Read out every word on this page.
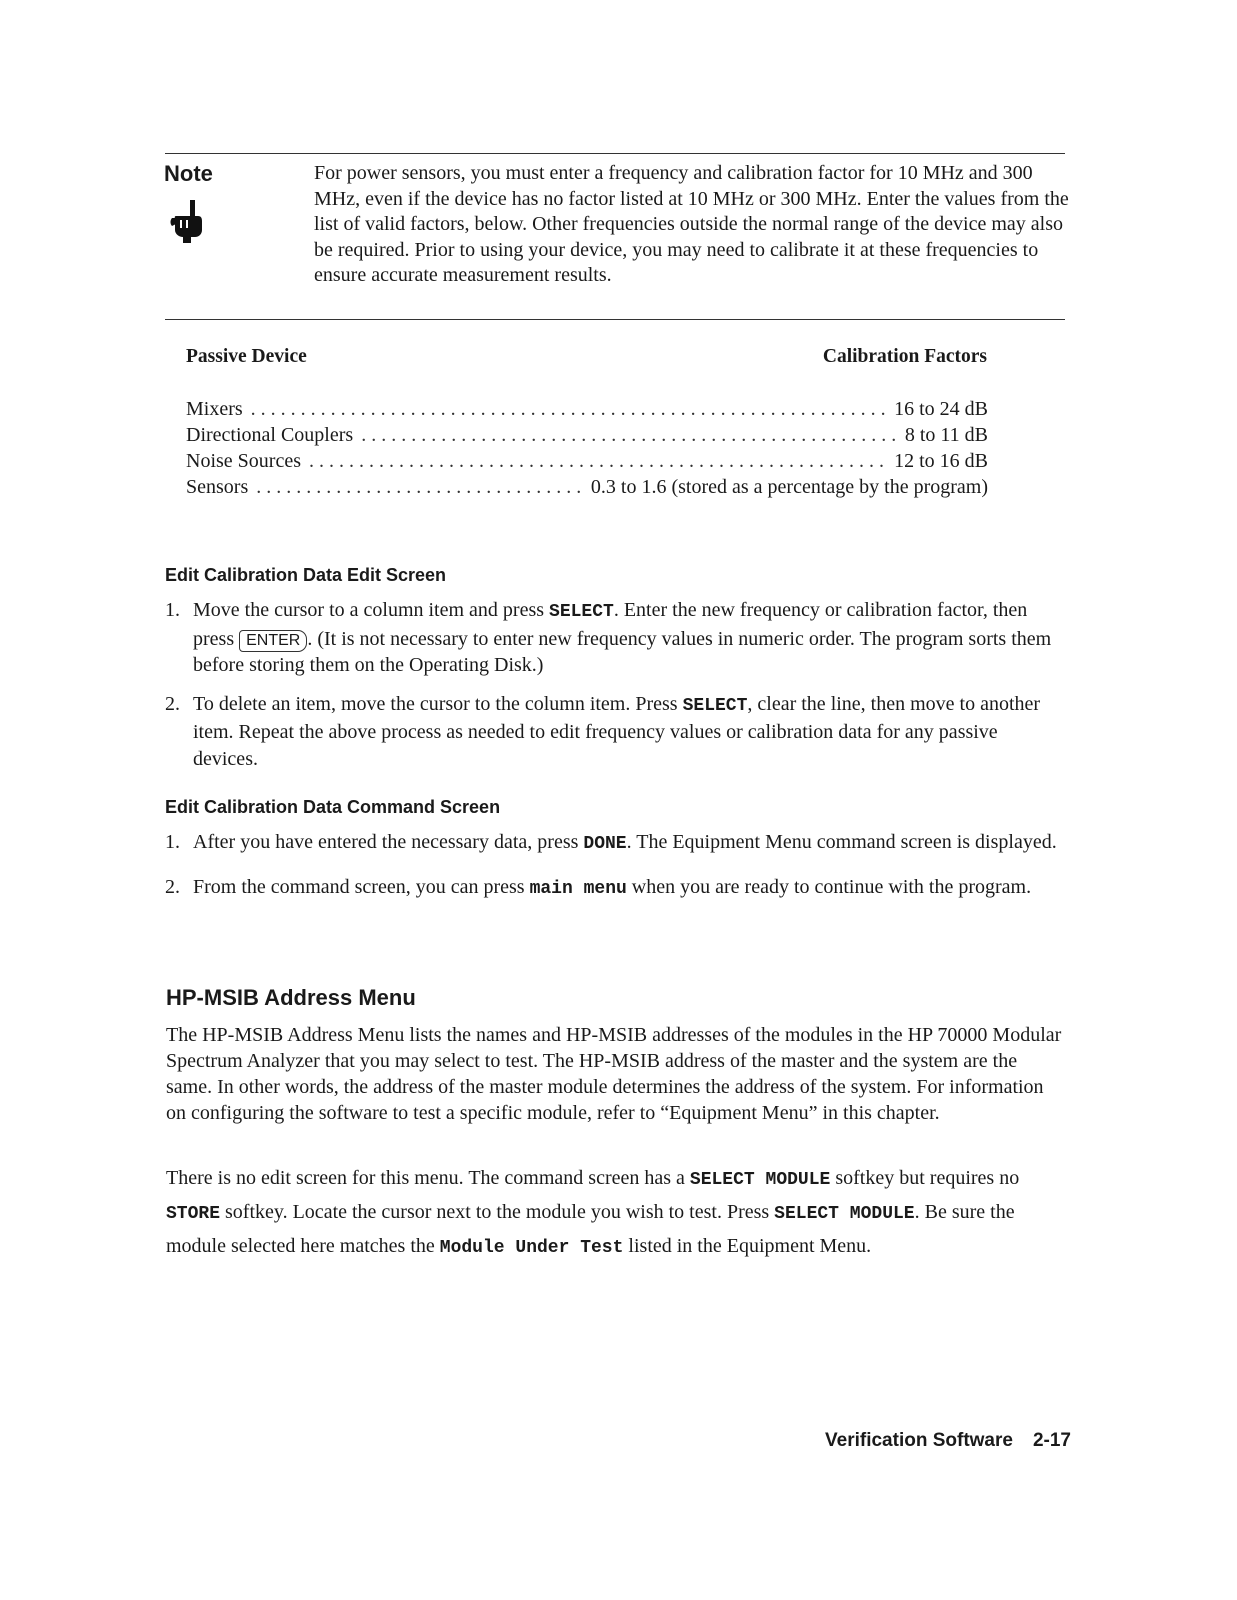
Note	For power sensors, you must enter a frequency and calibration factor for 10 MHz and 300 MHz, even if the device has no factor listed at 10 MHz or 300 MHz. Enter the values from the list of valid factors, below. Other frequencies outside the normal range of the device may also be required. Prior to using your device, you may need to calibrate it at these frequencies to ensure accurate measurement results.
Passive Device	Calibration Factors
Mixers . . .	16 to 24 dB
Directional Couplers . . .	8 to 11 dB
Noise Sources . . .	12 to 16 dB
Sensors . . .	0.3 to 1.6 (stored as a percentage by the program)
Edit Calibration Data Edit Screen
1. Move the cursor to a column item and press SELECT. Enter the new frequency or calibration factor, then press ENTER . (It is not necessary to enter new frequency values in numeric order. The program sorts them before storing them on the Operating Disk.)
2. To delete an item, move the cursor to the column item. Press SELECT, clear the line, then move to another item. Repeat the above process as needed to edit frequency values or calibration data for any passive devices.
Edit Calibration Data Command Screen
1. After you have entered the necessary data, press DONE. The Equipment Menu command screen is displayed.
2. From the command screen, you can press main menu when you are ready to continue with the program.
HP-MSIB Address Menu
The HP-MSIB Address Menu lists the names and HP-MSIB addresses of the modules in the HP 70000 Modular Spectrum Analyzer that you may select to test. The HP-MSIB address of the master and the system are the same. In other words, the address of the master module determines the address of the system. For information on configuring the software to test a specific module, refer to “Equipment Menu” in this chapter.
There is no edit screen for this menu. The command screen has a SELECT MODULE softkey but requires no STORE softkey. Locate the cursor next to the module you wish to test. Press SELECT MODULE. Be sure the module selected here matches the Module Under Test listed in the Equipment Menu.
Verification Software 2-17
